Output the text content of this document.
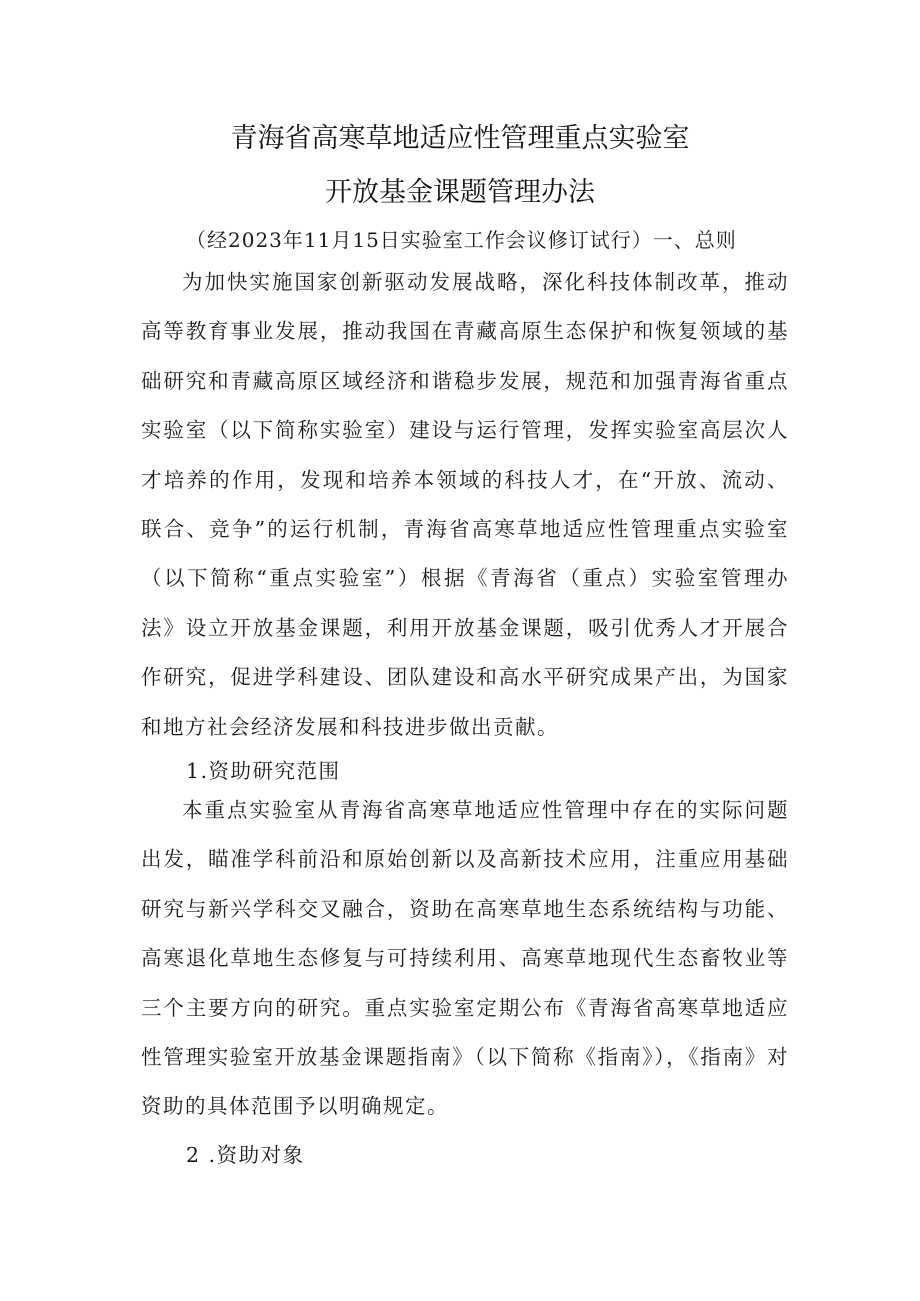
青海省高寒草地适应性管理重点实验室
开放基金课题管理办法

（经2023年11月15日实验室工作会议修订试行）一、总则

为加快实施国家创新驱动发展战略，深化科技体制改革，推动高等教育事业发展，推动我国在青藏高原生态保护和恢复领域的基础研究和青藏高原区域经济和谐稳步发展，规范和加强青海省重点实验室（以下简称实验室）建设与运行管理，发挥实验室高层次人才培养的作用，发现和培养本领域的科技人才，在“开放、流动、联合、竞争”的运行机制，青海省高寒草地适应性管理重点实验室（以下简称“重点实验室”）根据《青海省（重点）实验室管理办法》设立开放基金课题，利用开放基金课题，吸引优秀人才开展合作研究，促进学科建设、团队建设和高水平研究成果产出，为国家和地方社会经济发展和科技进步做出贡献。

1.资助研究范围

本重点实验室从青海省高寒草地适应性管理中存在的实际问题出发，瞄准学科前沿和原始创新以及高新技术应用，注重应用基础研究与新兴学科交叉融合，资助在高寒草地生态系统结构与功能、高寒退化草地生态修复与可持续利用、高寒草地现代生态畜牧业等三个主要方向的研究。重点实验室定期公布《青海省高寒草地适应性管理实验室开放基金课题指南》（以下简称《指南》），《指南》对资助的具体范围予以明确规定。

2 .资助对象
